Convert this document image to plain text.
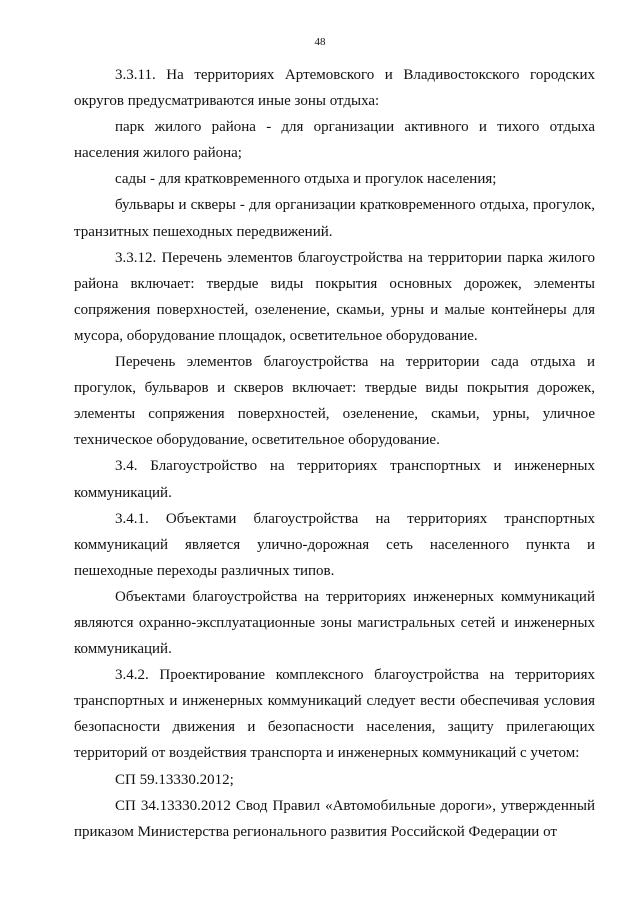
48

3.3.11. На территориях Артемовского и Владивостокского городских округов предусматриваются иные зоны отдыха:

парк жилого района - для организации активного и тихого отдыха населения жилого района;

сады - для кратковременного отдыха и прогулок населения;

бульвары и скверы - для организации кратковременного отдыха, прогулок, транзитных пешеходных передвижений.

3.3.12. Перечень элементов благоустройства на территории парка жилого района включает: твердые виды покрытия основных дорожек, элементы сопряжения поверхностей, озеленение, скамьи, урны и малые контейнеры для мусора, оборудование площадок, осветительное оборудование.

Перечень элементов благоустройства на территории сада отдыха и прогулок, бульваров и скверов включает: твердые виды покрытия дорожек, элементы сопряжения поверхностей, озеленение, скамьи, урны, уличное техническое оборудование, осветительное оборудование.

3.4. Благоустройство на территориях транспортных и инженерных коммуникаций.

3.4.1. Объектами благоустройства на территориях транспортных коммуникаций является улично-дорожная сеть населенного пункта и пешеходные переходы различных типов.

Объектами благоустройства на территориях инженерных коммуникаций являются охранно-эксплуатационные зоны магистральных сетей и инженерных коммуникаций.

3.4.2. Проектирование комплексного благоустройства на территориях транспортных и инженерных коммуникаций следует вести обеспечивая условия безопасности движения и безопасности населения, защиту прилегающих территорий от воздействия транспорта и инженерных коммуникаций с учетом:

СП 59.13330.2012;

СП 34.13330.2012 Свод Правил «Автомобильные дороги», утвержденный приказом Министерства регионального развития Российской Федерации от
